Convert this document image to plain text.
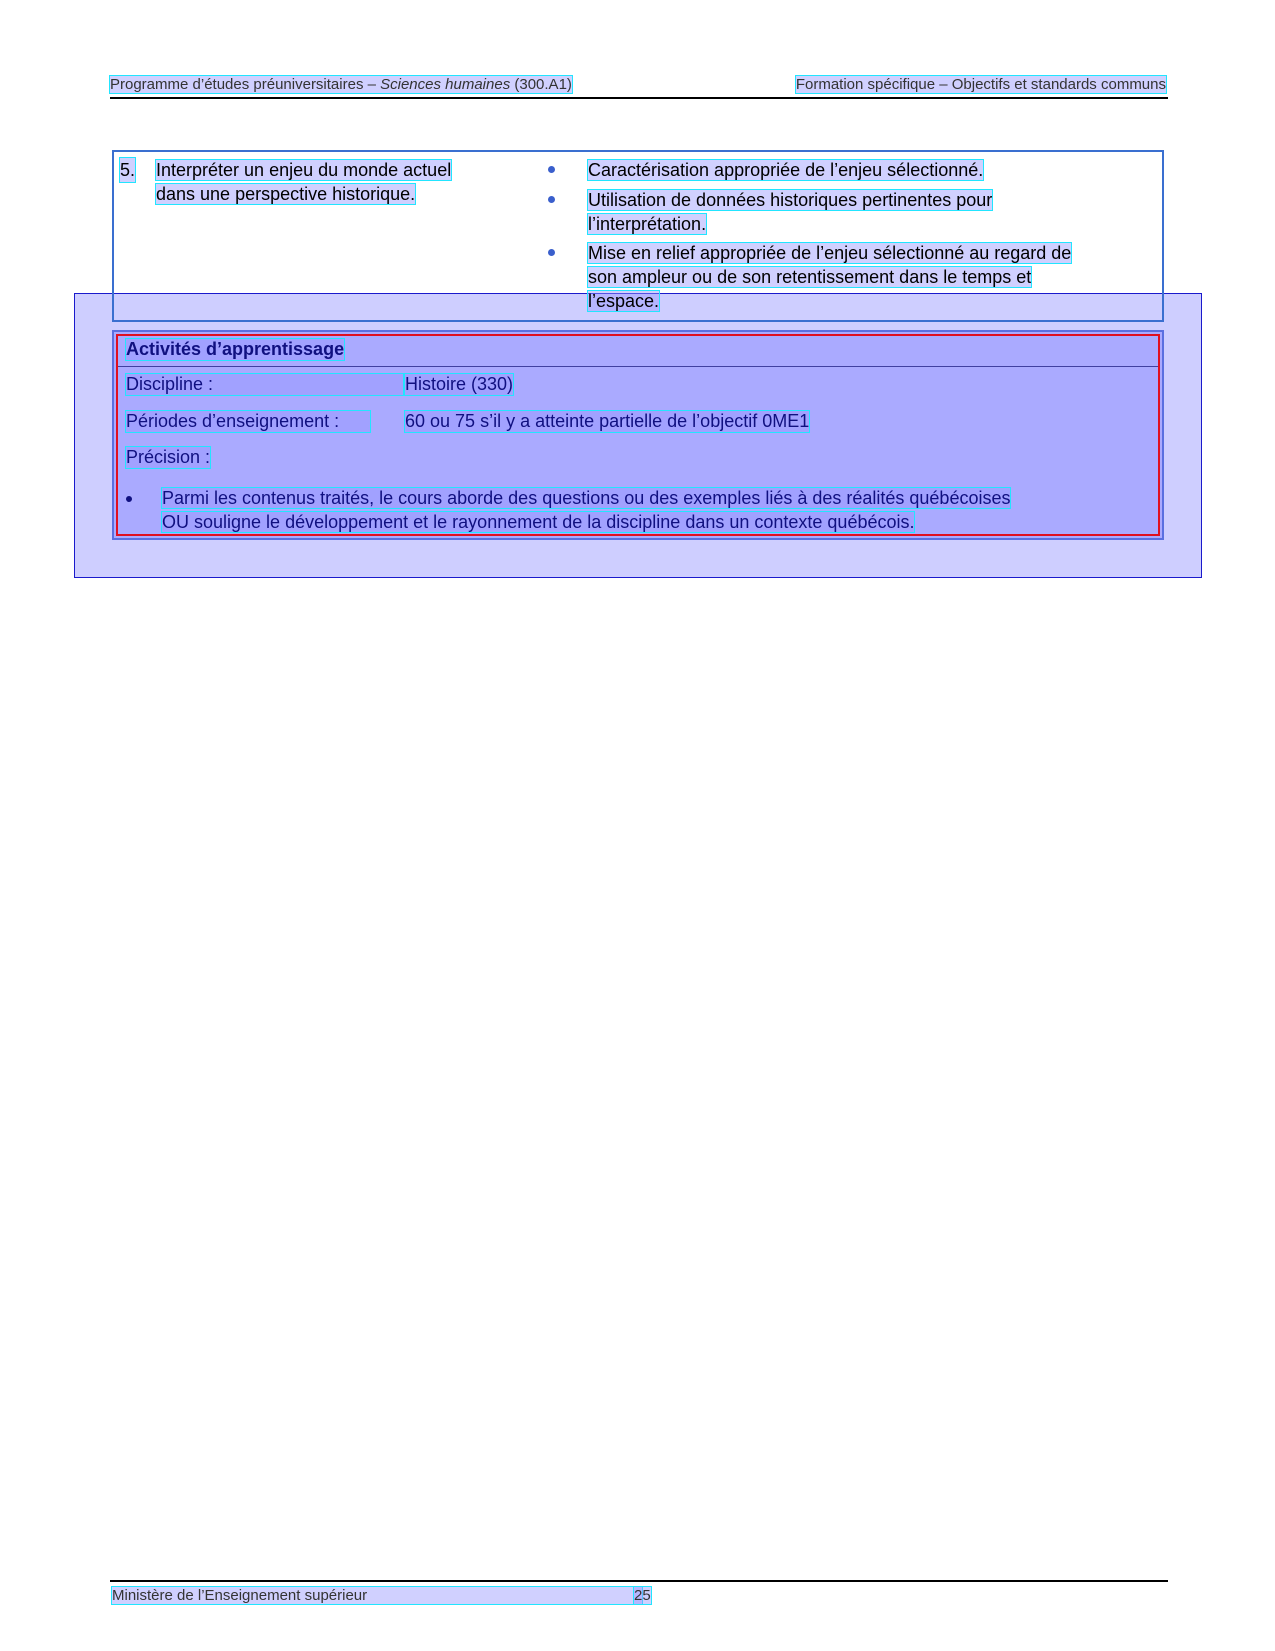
Programme d’études préuniversitaires – Sciences humaines (300.A1)	Formation spécifique – Objectifs et standards communs
5. Interpréter un enjeu du monde actuel
dans une perspective historique.
Caractérisation appropriée de l’enjeu sélectionné.
Utilisation de données historiques pertinentes pour
l’interprétation.
Mise en relief appropriée de l’enjeu sélectionné au regard de
son ampleur ou de son retentissement dans le temps et
l’espace.
Activités d’apprentissage
Discipline :	Histoire (330)
Périodes d’enseignement :	60 ou 75 s’il y a atteinte partielle de l’objectif 0ME1
Précision :
Parmi les contenus traités, le cours aborde des questions ou des exemples liés à des réalités québécoises
OU souligne le développement et le rayonnement de la discipline dans un contexte québécois.
Ministère de l’Enseignement supérieur	25
